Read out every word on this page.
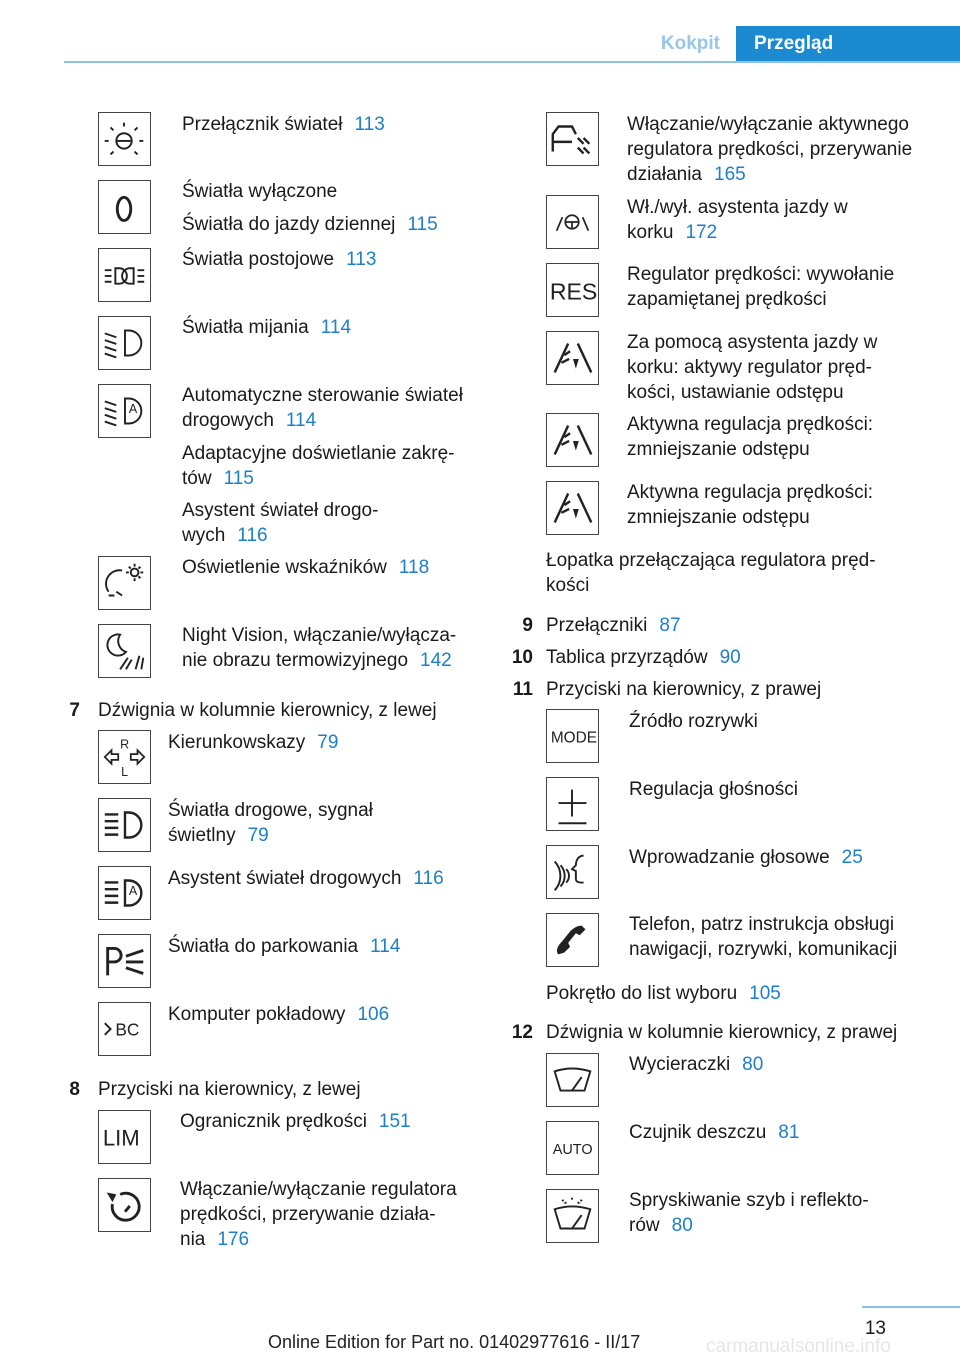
Kokpit	Przegląd
Przełącznik świateł 113
Światła wyłączone
Światła do jazdy dziennej 115
Światła postojowe 113
Światła mijania 114
A
Automatyczne sterowanie świateł
drogowych 114
Adaptacyjne doświetlanie zakrę-
tów 115
Asystent świateł drogo-
wych 116
Oświetlenie wskaźników 118
Night Vision, włączanie/wyłącza-
nie obrazu termowizyjnego 142
7 Dźwignia w kolumnie kierownicy, z lewej
R
L
Kierunkowskazy 79
Światła drogowe, sygnał
świetlny 79
A
Asystent świateł drogowych 116
Światła do parkowania 114
BC
Komputer pokładowy 106
8 Przyciski na kierownicy, z lewej
LIM
Ogranicznik prędkości 151
Włączanie/wyłączanie regulatora
prędkości, przerywanie działa-
nia 176
Włączanie/wyłączanie aktywnego
regulatora prędkości, przerywanie
działania 165
Wł./wył. asystenta jazdy w
korku 172
RES
Regulator prędkości: wywołanie
zapamiętanej prędkości
Za pomocą asystenta jazdy w
korku: aktywy regulator pręd-
kości, ustawianie odstępu
Aktywna regulacja prędkości:
zmniejszanie odstępu
Aktywna regulacja prędkości:
zmniejszanie odstępu
Łopatka przełączająca regulatora pręd-
kości
9 Przełączniki 87
10 Tablica przyrządów 90
11 Przyciski na kierownicy, z prawej
MODE
Źródło rozrywki
Regulacja głośności
Wprowadzanie głosowe 25
Telefon, patrz instrukcja obsługi
nawigacji, rozrywki, komunikacji
Pokrętło do list wyboru 105
12 Dźwignia w kolumnie kierownicy, z prawej
Wycieraczki 80
AUTO
Czujnik deszczu 81
Spryskiwanie szyb i reflekto-
rów 80
13
Online Edition for Part no. 01402977616 - II/17	carmanualsonline.info
